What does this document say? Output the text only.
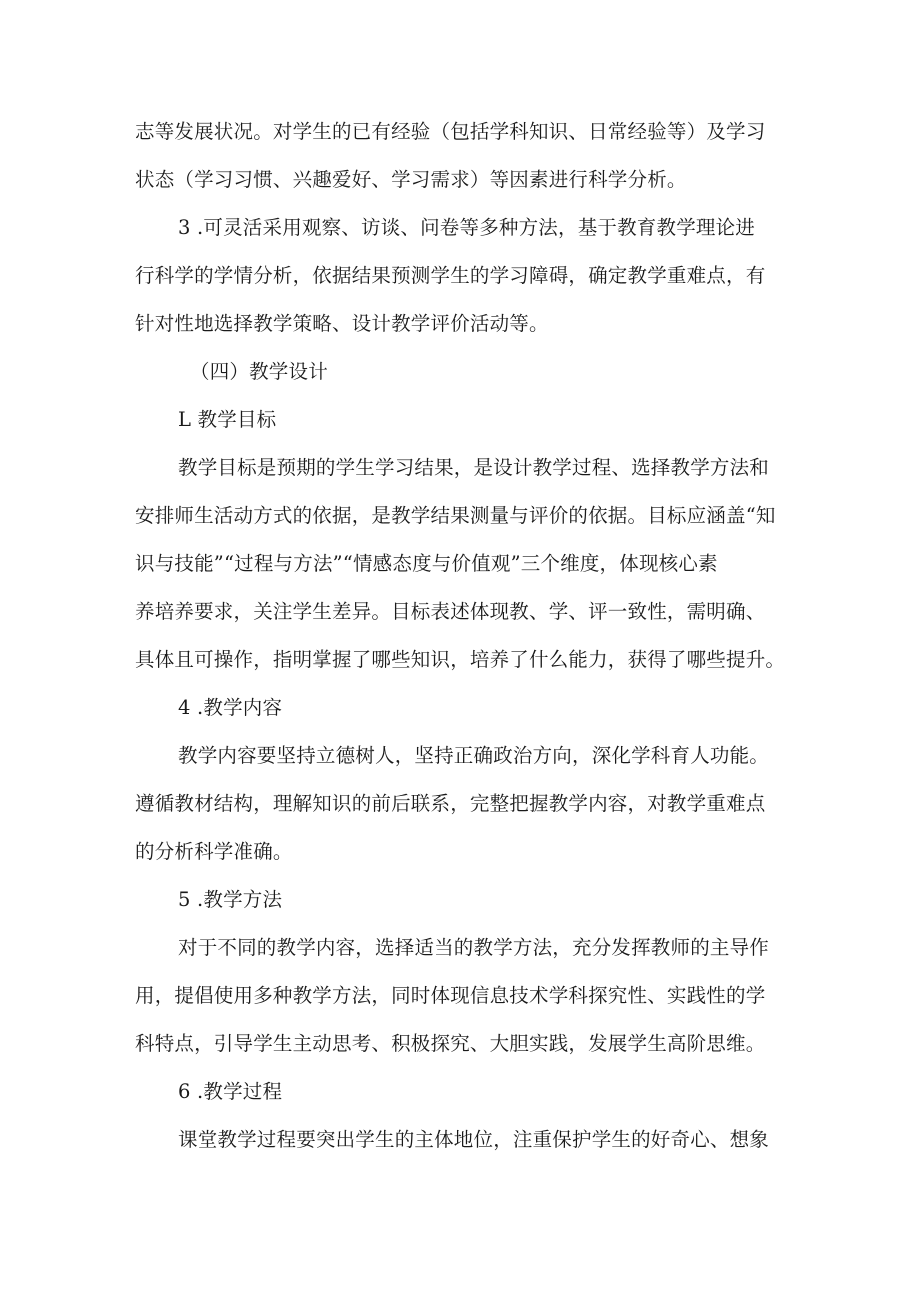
志等发展状况。对学生的已有经验（包括学科知识、日常经验等）及学习
状态（学习习惯、兴趣爱好、学习需求）等因素进行科学分析。
3 .可灵活采用观察、访谈、问卷等多种方法，基于教育教学理论进
行科学的学情分析，依据结果预测学生的学习障碍，确定教学重难点，有
针对性地选择教学策略、设计教学评价活动等。
（四）教学设计
L 教学目标
教学目标是预期的学生学习结果，是设计教学过程、选择教学方法和
安排师生活动方式的依据，是教学结果测量与评价的依据。目标应涵盖“知
识与技能”“过程与方法”“情感态度与价值观”三个维度，体现核心素
养培养要求，关注学生差异。目标表述体现教、学、评一致性，需明确、
具体且可操作，指明掌握了哪些知识，培养了什么能力，获得了哪些提升。
4 .教学内容
教学内容要坚持立德树人，坚持正确政治方向，深化学科育人功能。
遵循教材结构，理解知识的前后联系，完整把握教学内容，对教学重难点
的分析科学准确。
5 .教学方法
对于不同的教学内容，选择适当的教学方法，充分发挥教师的主导作
用，提倡使用多种教学方法，同时体现信息技术学科探究性、实践性的学
科特点，引导学生主动思考、积极探究、大胆实践，发展学生高阶思维。
6 .教学过程
课堂教学过程要突出学生的主体地位，注重保护学生的好奇心、想象
